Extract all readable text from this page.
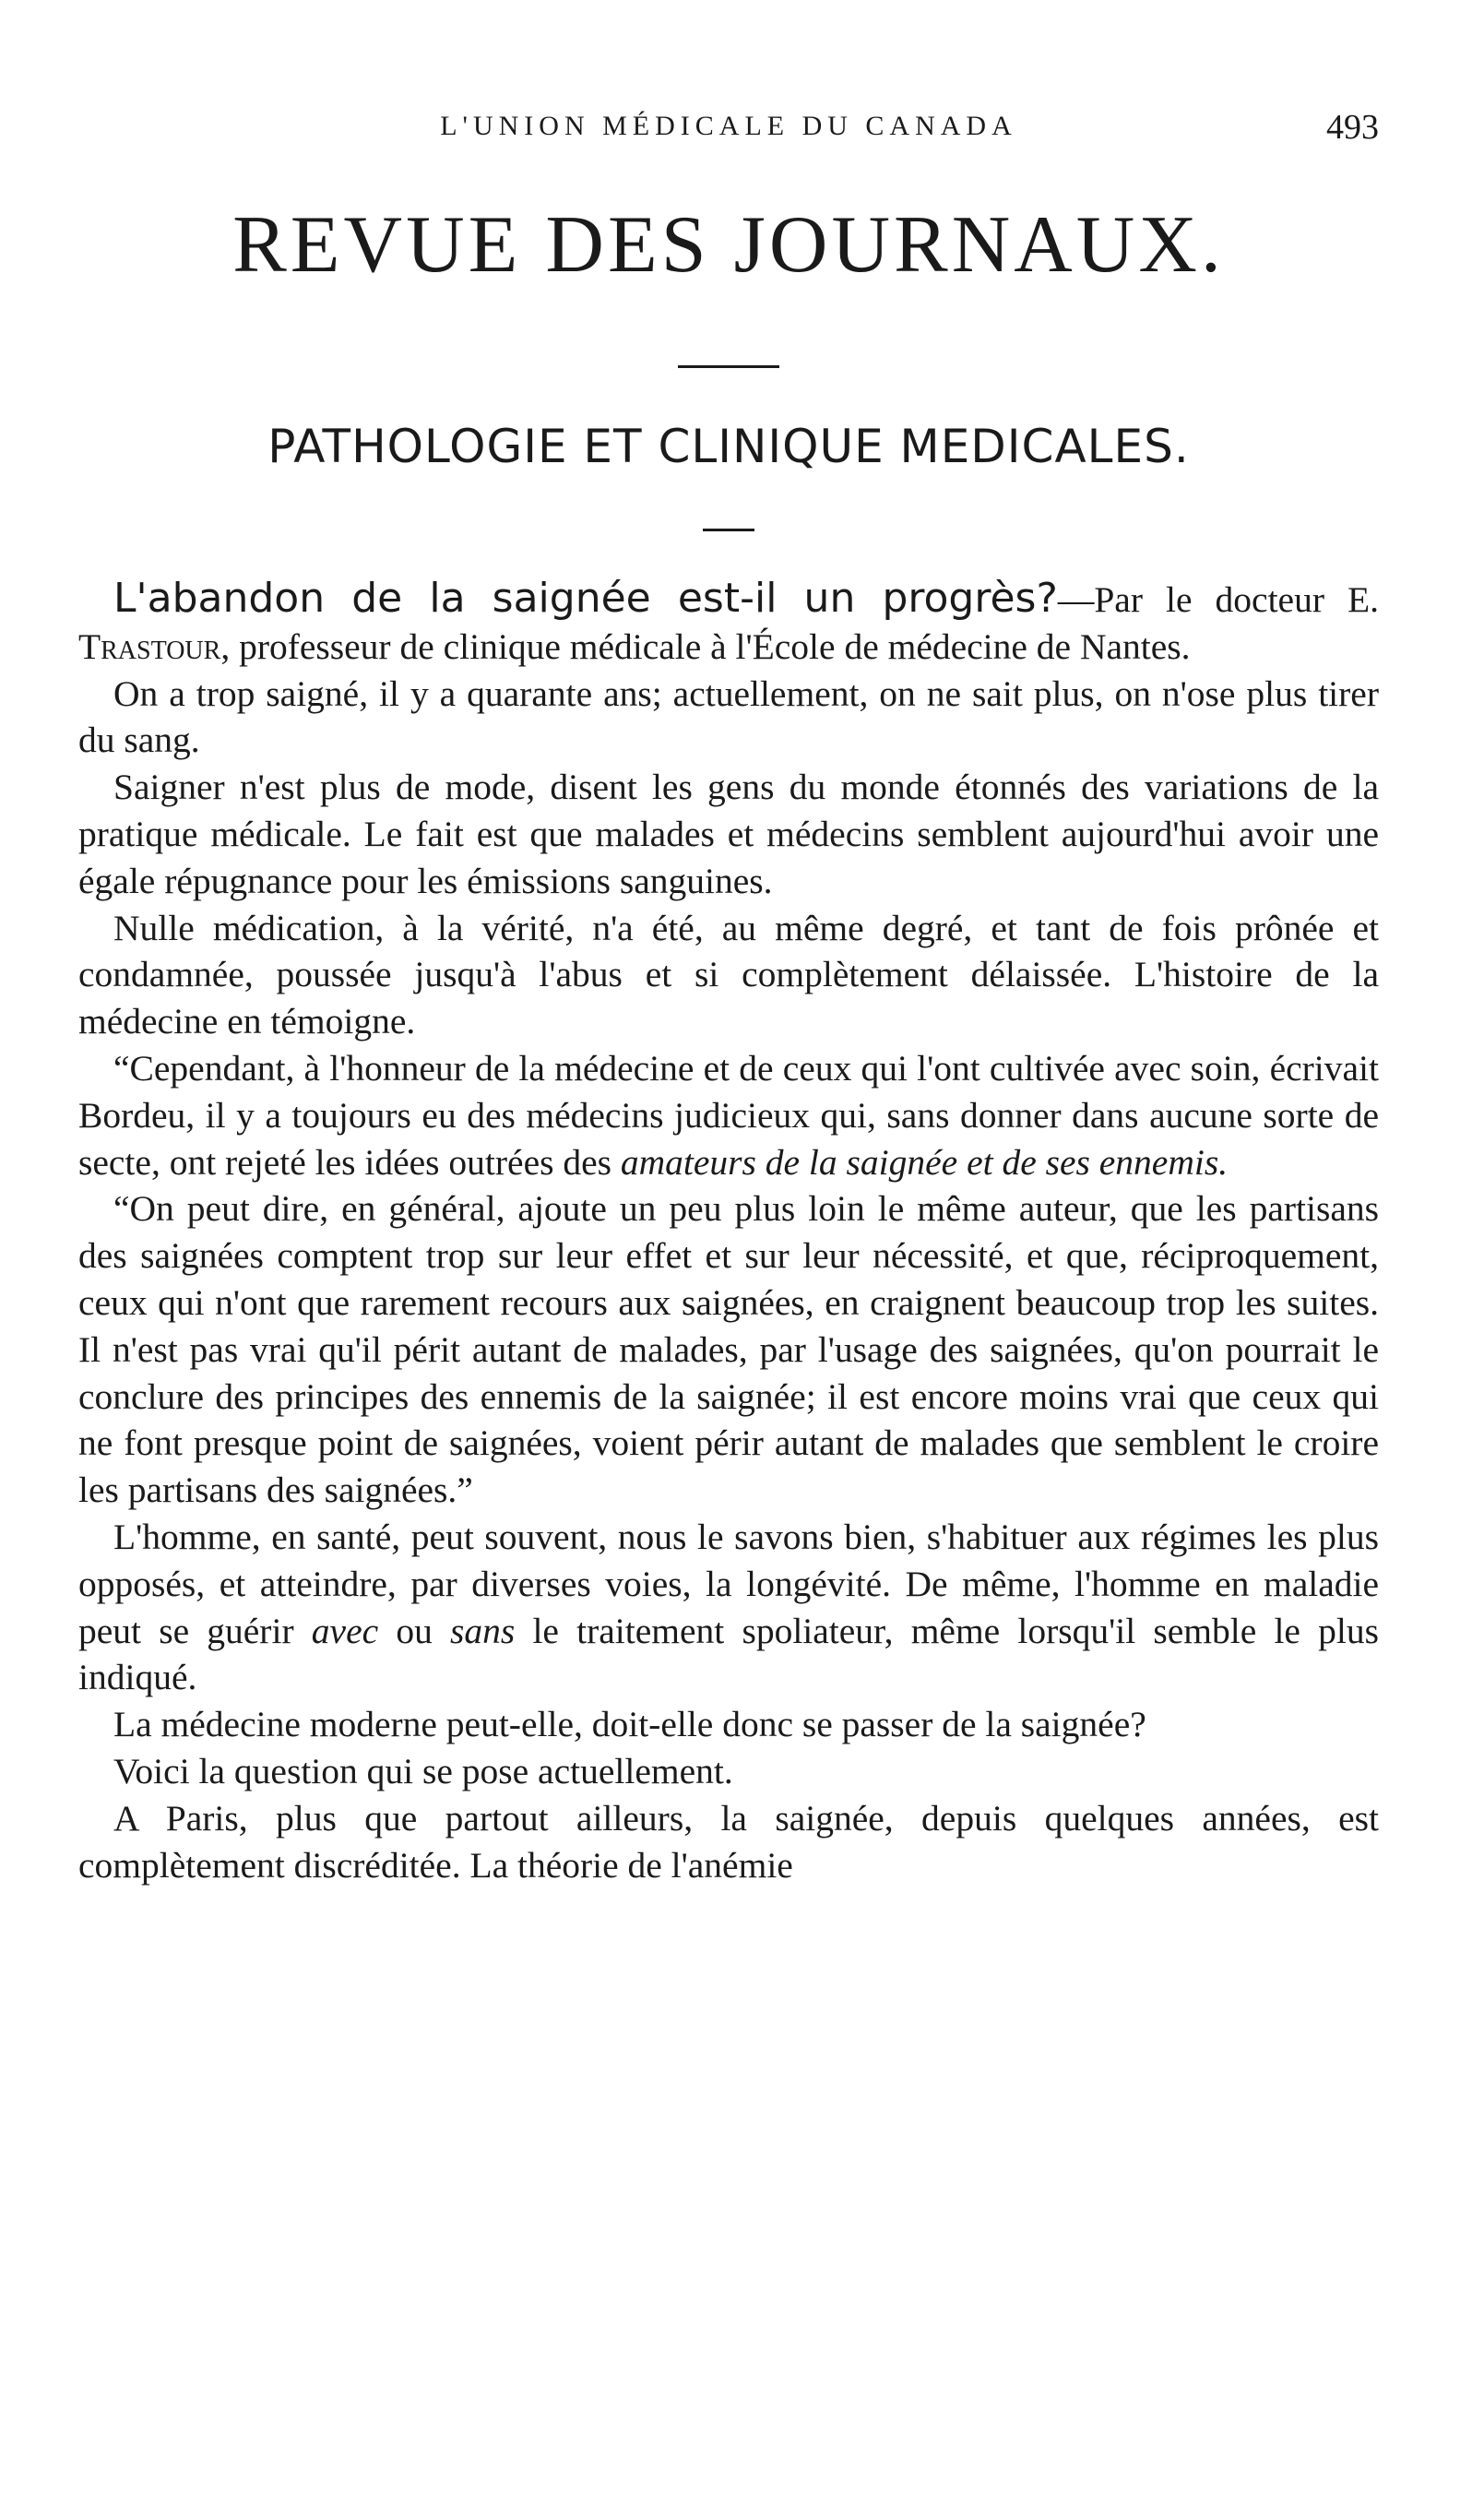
L'UNION MÉDICALE DU CANADA	493
REVUE DES JOURNAUX.
PATHOLOGIE ET CLINIQUE MEDICALES.

L'abandon de la saignée est-il un progrès?—Par le docteur E. Trastour, professeur de clinique médicale à l'École de médecine de Nantes.

On a trop saigné, il y a quarante ans; actuellement, on ne sait plus, on n'ose plus tirer du sang.

Saigner n'est plus de mode, disent les gens du monde étonnés des variations de la pratique médicale. Le fait est que malades et médecins semblent aujourd'hui avoir une égale répugnance pour les émissions sanguines.

Nulle médication, à la vérité, n'a été, au même degré, et tant de fois prônée et condamnée, poussée jusqu'à l'abus et si complètement délaissée. L'histoire de la médecine en témoigne.

“Cependant, à l'honneur de la médecine et de ceux qui l'ont cultivée avec soin, écrivait Bordeu, il y a toujours eu des médecins judicieux qui, sans donner dans aucune sorte de secte, ont rejeté les idées outrées des amateurs de la saignée et de ses ennemis.

“On peut dire, en général, ajoute un peu plus loin le même auteur, que les partisans des saignées comptent trop sur leur effet et sur leur nécessité, et que, réciproquement, ceux qui n'ont que rarement recours aux saignées, en craignent beaucoup trop les suites. Il n'est pas vrai qu'il périt autant de malades, par l'usage des saignées, qu'on pourrait le conclure des principes des ennemis de la saignée; il est encore moins vrai que ceux qui ne font presque point de saignées, voient périr autant de malades que semblent le croire les partisans des saignées.”

L'homme, en santé, peut souvent, nous le savons bien, s'habituer aux régimes les plus opposés, et atteindre, par diverses voies, la longévité. De même, l'homme en maladie peut se guérir avec ou sans le traitement spoliateur, même lorsqu'il semble le plus indiqué.

La médecine moderne peut-elle, doit-elle donc se passer de la saignée?

Voici la question qui se pose actuellement.

A Paris, plus que partout ailleurs, la saignée, depuis quelques années, est complètement discréditée. La théorie de l'anémie
